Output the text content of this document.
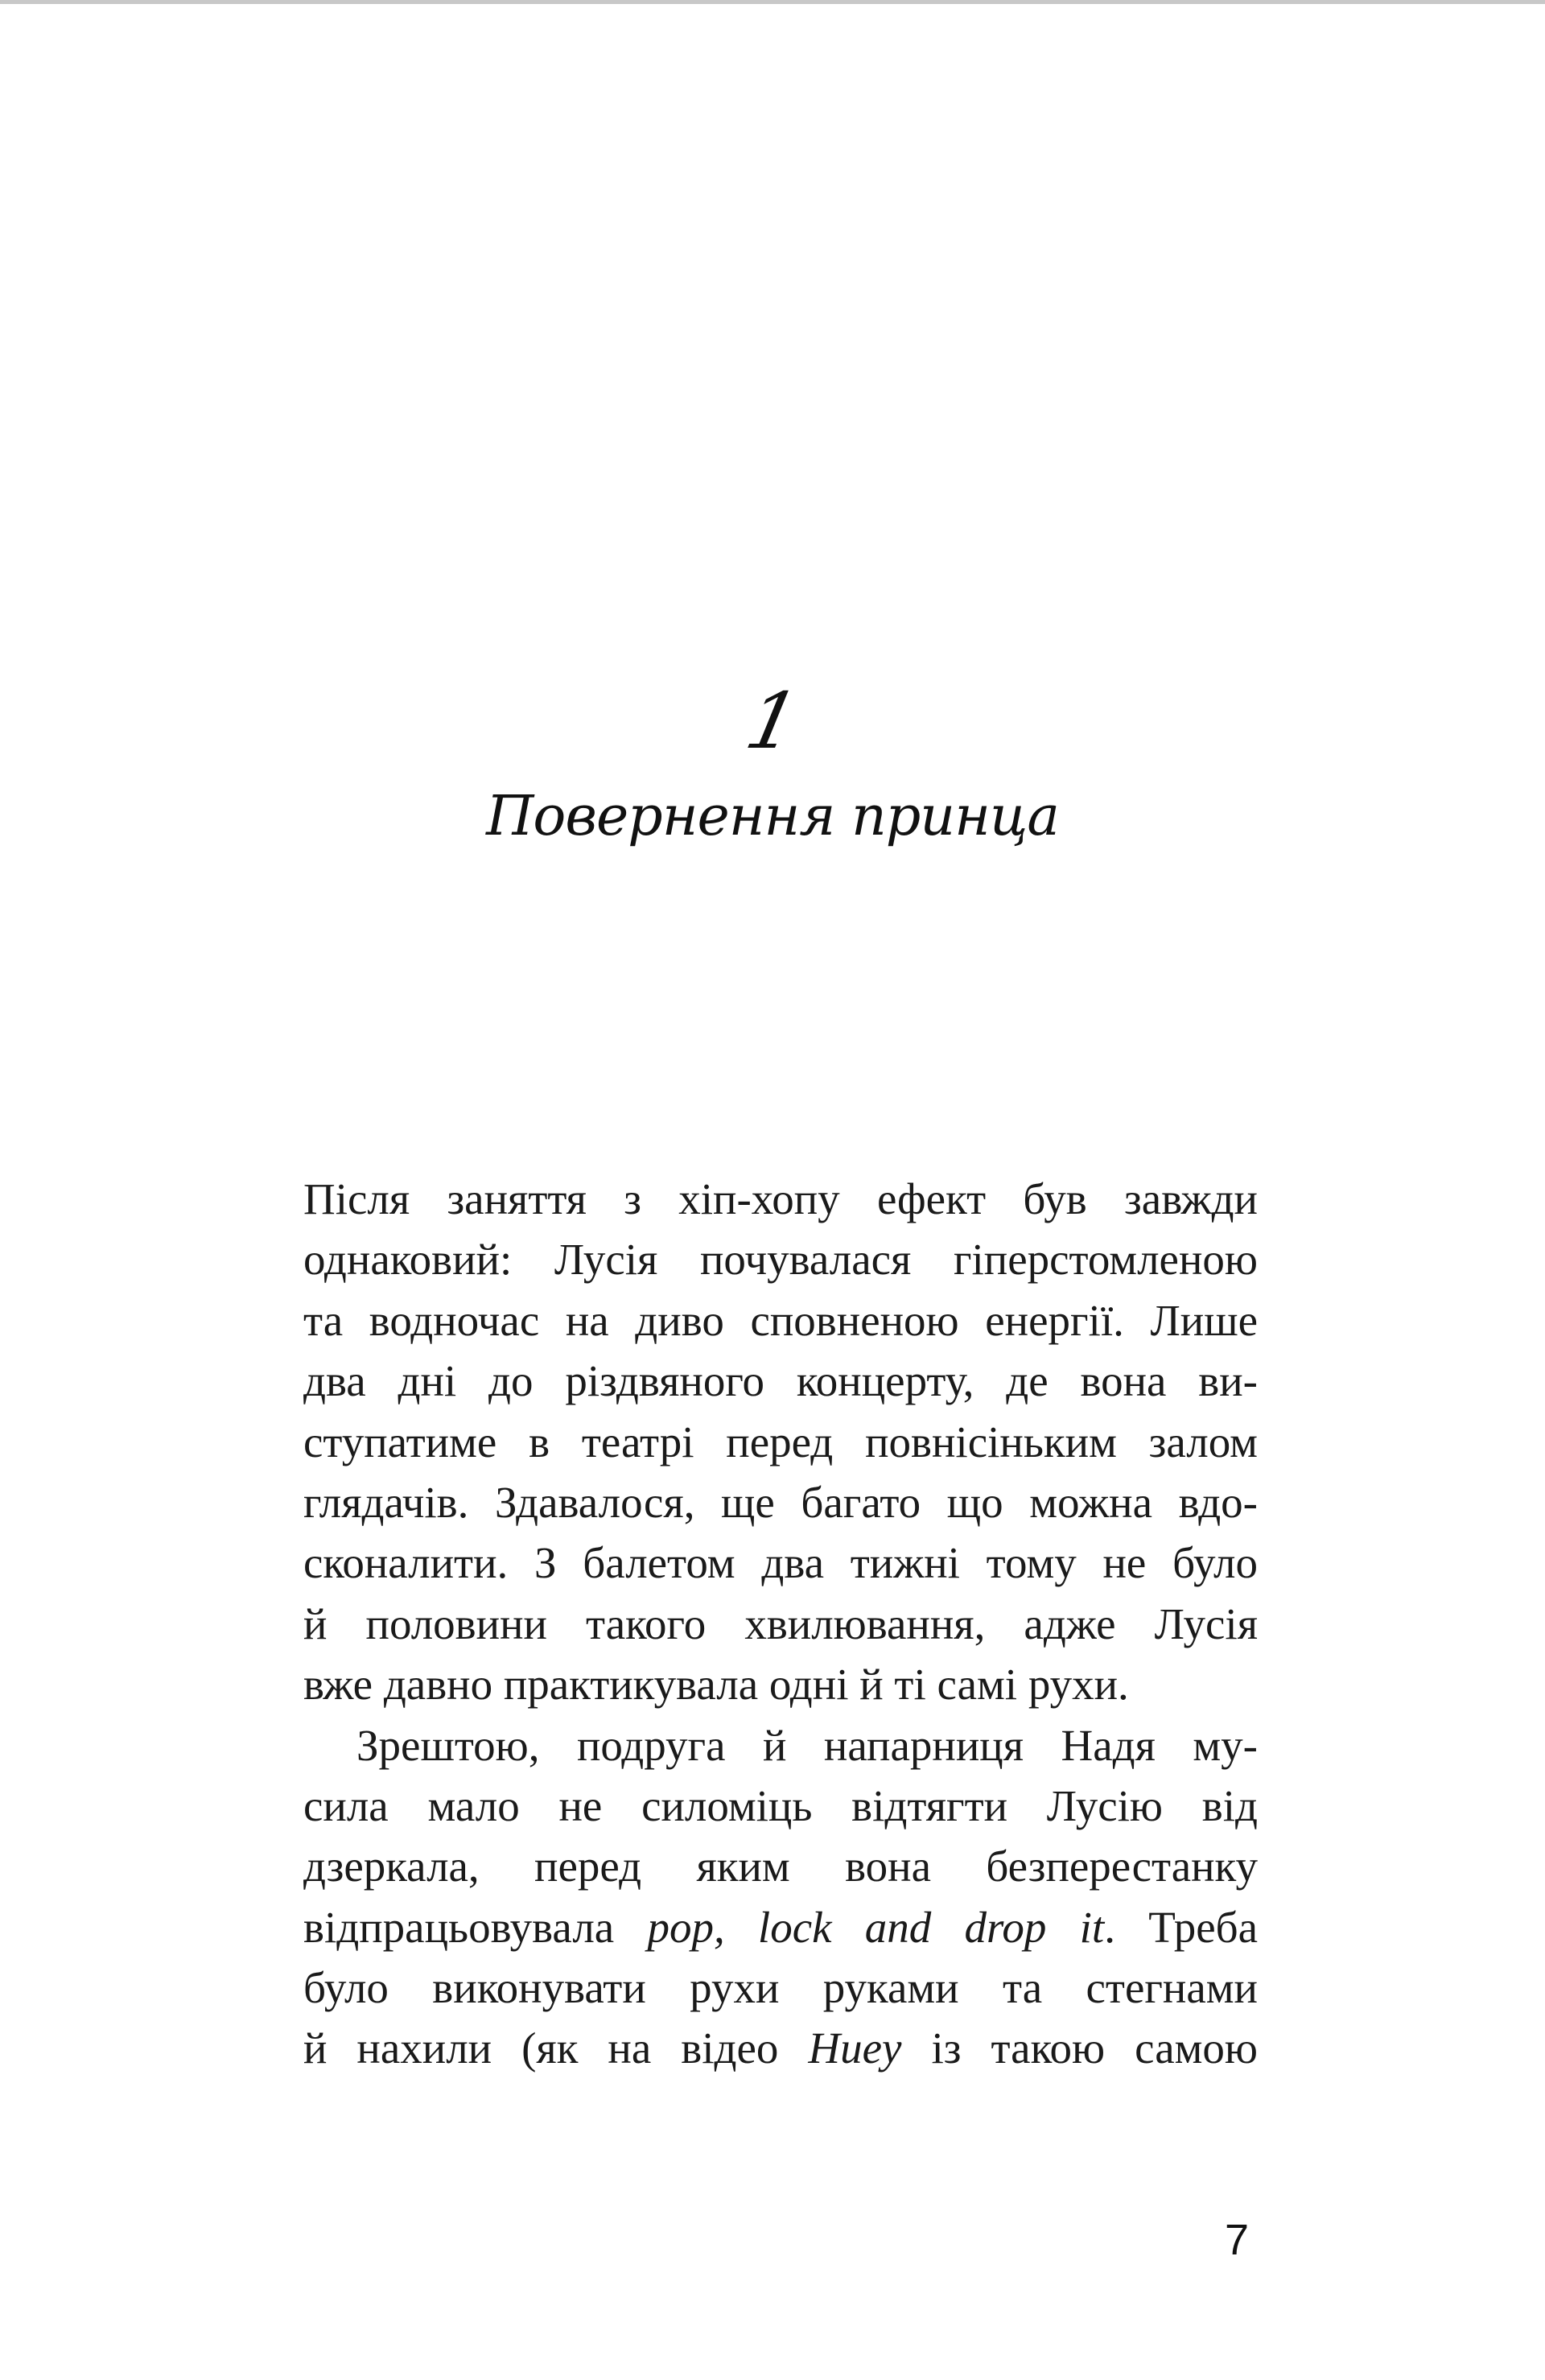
1
Повернення принца
Після заняття з хіп-хопу ефект був завжди
однаковий: Лусія почувалася гіперстомленою
та водночас на диво сповненою енергії. Лише
два дні до різдвяного концерту, де вона ви-
ступатиме в театрі перед повнісіньким залом
глядачів. Здавалося, ще багато що можна вдо-
сконалити. З балетом два тижні тому не було
й половини такого хвилювання, адже Лусія
вже давно практикувала одні й ті самі рухи.
Зрештою, подруга й напарниця Надя му-
сила мало не силоміць відтягти Лусію від
дзеркала, перед яким вона безперестанку
відпрацьовувала pop, lock and drop it. Треба
було виконувати рухи руками та стегнами
й нахили (як на відео Huey із такою самою
7
